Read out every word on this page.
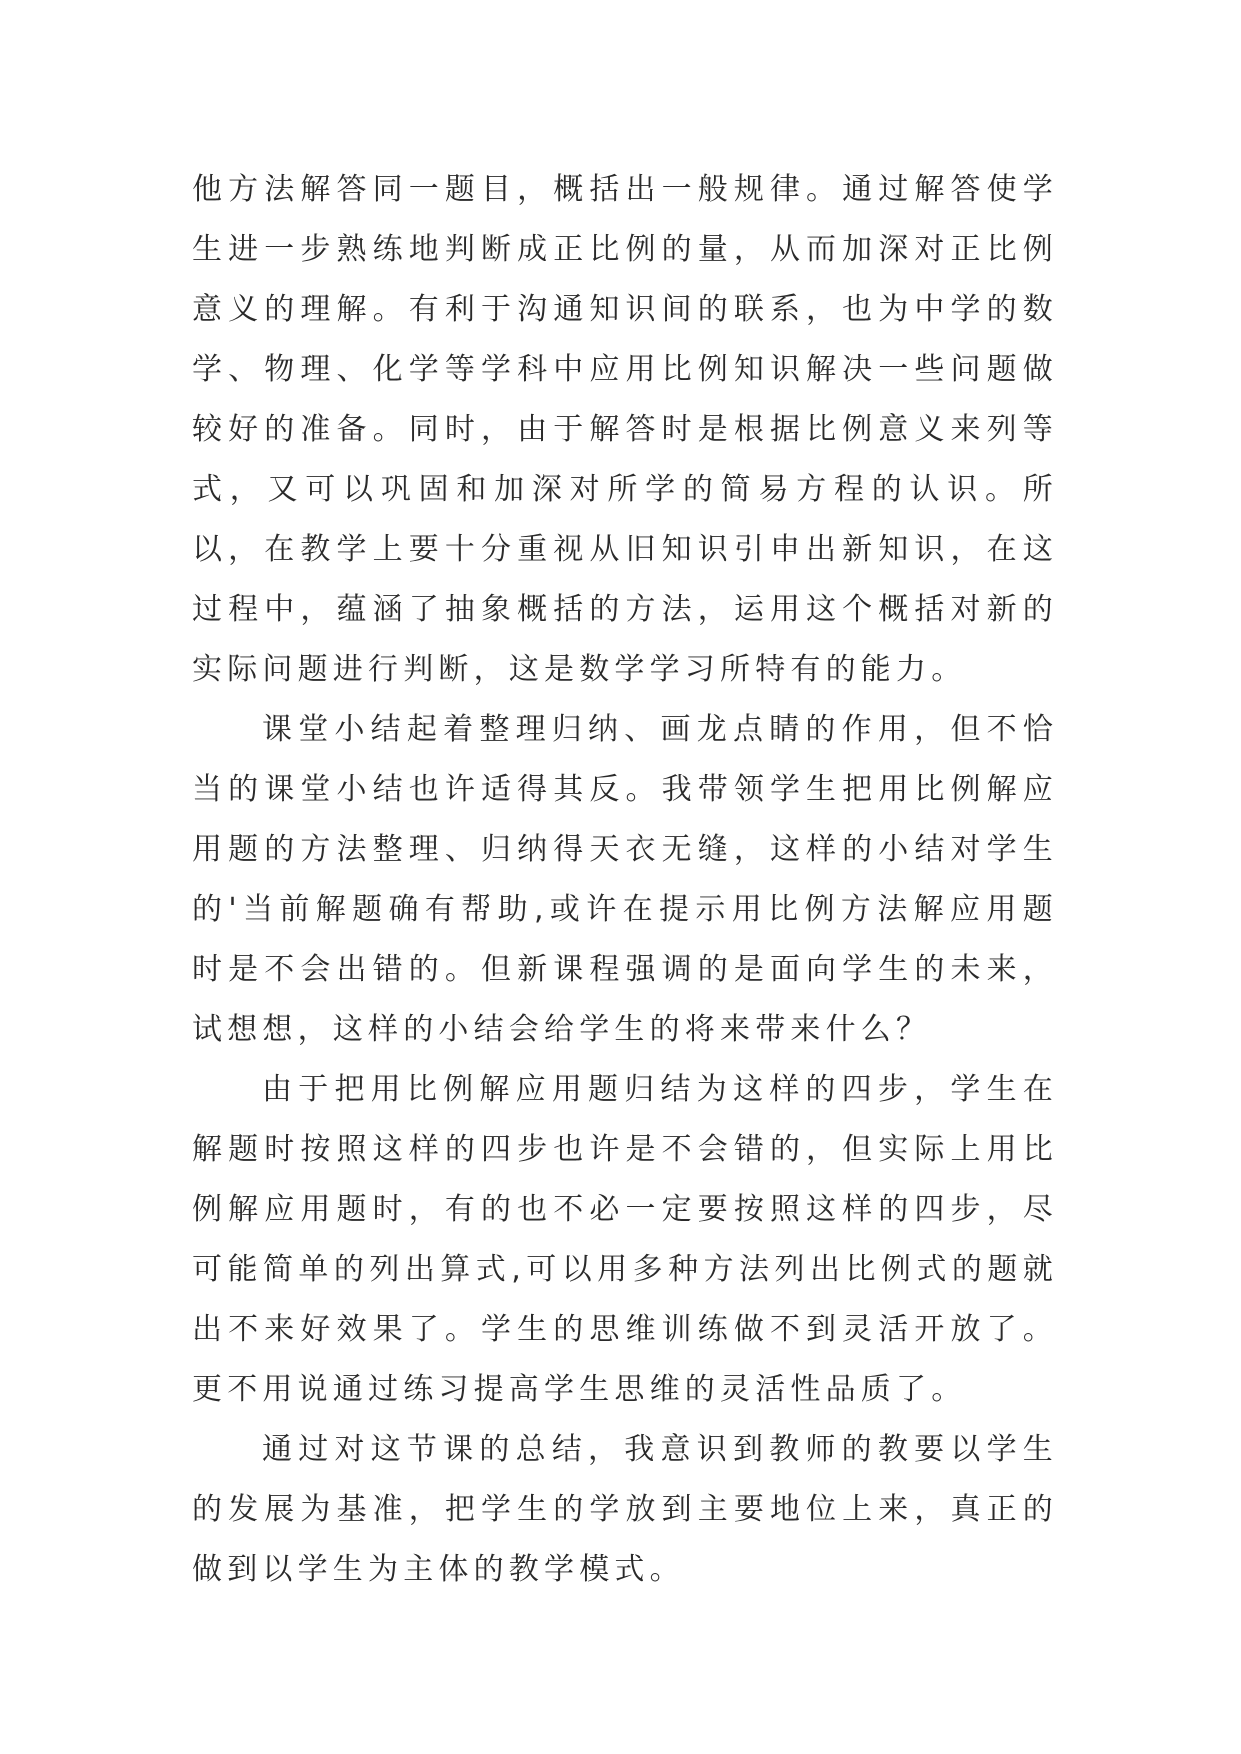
他方法解答同一题目，概括出一般规律。通过解答使学生进一步熟练地判断成正比例的量，从而加深对正比例意义的理解。有利于沟通知识间的联系，也为中学的数学、物理、化学等学科中应用比例知识解决一些问题做较好的准备。同时，由于解答时是根据比例意义来列等式，又可以巩固和加深对所学的简易方程的认识。所以，在教学上要十分重视从旧知识引申出新知识，在这过程中，蕴涵了抽象概括的方法，运用这个概括对新的实际问题进行判断，这是数学学习所特有的能力。

课堂小结起着整理归纳、画龙点睛的作用，但不恰当的课堂小结也许适得其反。我带领学生把用比例解应用题的方法整理、归纳得天衣无缝，这样的小结对学生的'当前解题确有帮助,或许在提示用比例方法解应用题时是不会出错的。但新课程强调的是面向学生的未来，试想想，这样的小结会给学生的将来带来什么？

由于把用比例解应用题归结为这样的四步，学生在解题时按照这样的四步也许是不会错的，但实际上用比例解应用题时，有的也不必一定要按照这样的四步，尽可能简单的列出算式,可以用多种方法列出比例式的题就出不来好效果了。学生的思维训练做不到灵活开放了。更不用说通过练习提高学生思维的灵活性品质了。

通过对这节课的总结，我意识到教师的教要以学生的发展为基准，把学生的学放到主要地位上来，真正的做到以学生为主体的教学模式。
